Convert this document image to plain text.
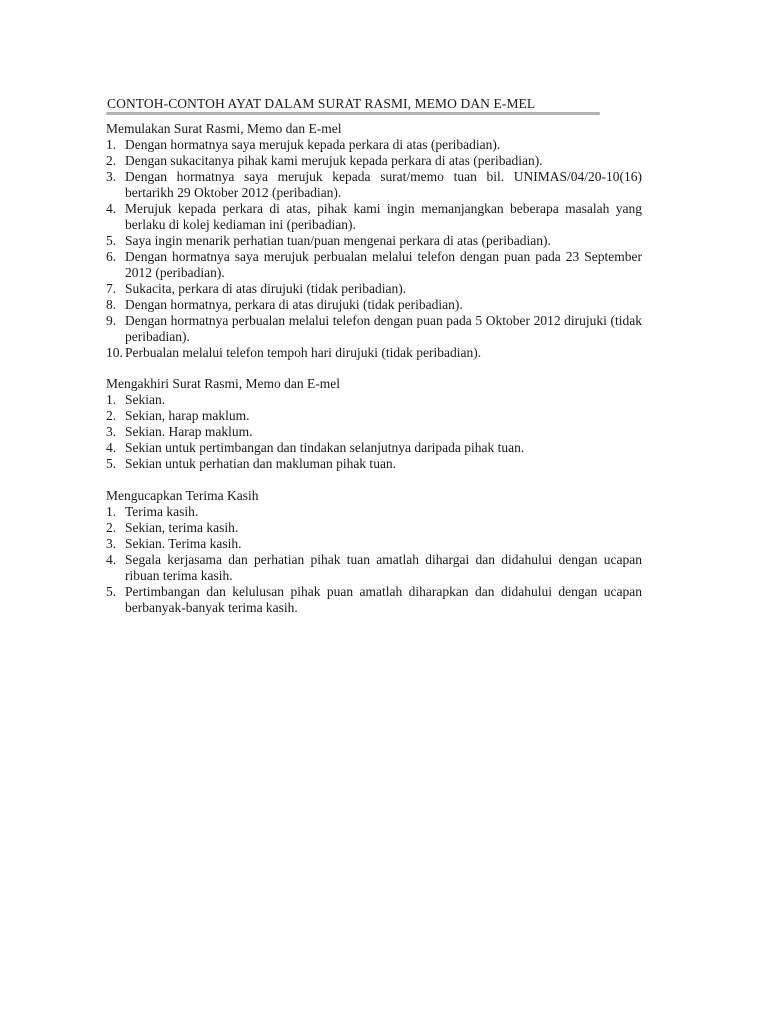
CONTOH-CONTOH AYAT DALAM SURAT RASMI, MEMO DAN E-MEL

Memulakan Surat Rasmi, Memo dan E-mel

1. Dengan hormatnya saya merujuk kepada perkara di atas (peribadian).
2. Dengan sukacitanya pihak kami merujuk kepada perkara di atas (peribadian).
3. Dengan hormatnya saya merujuk kepada surat/memo tuan bil. UNIMAS/04/20-10(16) bertarikh 29 Oktober 2012 (peribadian).
4. Merujuk kepada perkara di atas, pihak kami ingin memanjangkan beberapa masalah yang berlaku di kolej kediaman ini (peribadian).
5. Saya ingin menarik perhatian tuan/puan mengenai perkara di atas (peribadian).
6. Dengan hormatnya saya merujuk perbualan melalui telefon dengan puan pada 23 September 2012 (peribadian).
7. Sukacita, perkara di atas dirujuki (tidak peribadian).
8. Dengan hormatnya, perkara di atas dirujuki (tidak peribadian).
9. Dengan hormatnya perbualan melalui telefon dengan puan pada 5 Oktober 2012 dirujuki (tidak peribadian).
10. Perbualan melalui telefon tempoh hari dirujuki (tidak peribadian).

Mengakhiri Surat Rasmi, Memo dan E-mel

1. Sekian.
2. Sekian, harap maklum.
3. Sekian. Harap maklum.
4. Sekian untuk pertimbangan dan tindakan selanjutnya daripada pihak tuan.
5. Sekian untuk perhatian dan makluman pihak tuan.

Mengucapkan Terima Kasih

1. Terima kasih.
2. Sekian, terima kasih.
3. Sekian. Terima kasih.
4. Segala kerjasama dan perhatian pihak tuan amatlah dihargai dan didahului dengan ucapan ribuan terima kasih.
5. Pertimbangan dan kelulusan pihak puan amatlah diharapkan dan didahului dengan ucapan berbanyak-banyak terima kasih.
